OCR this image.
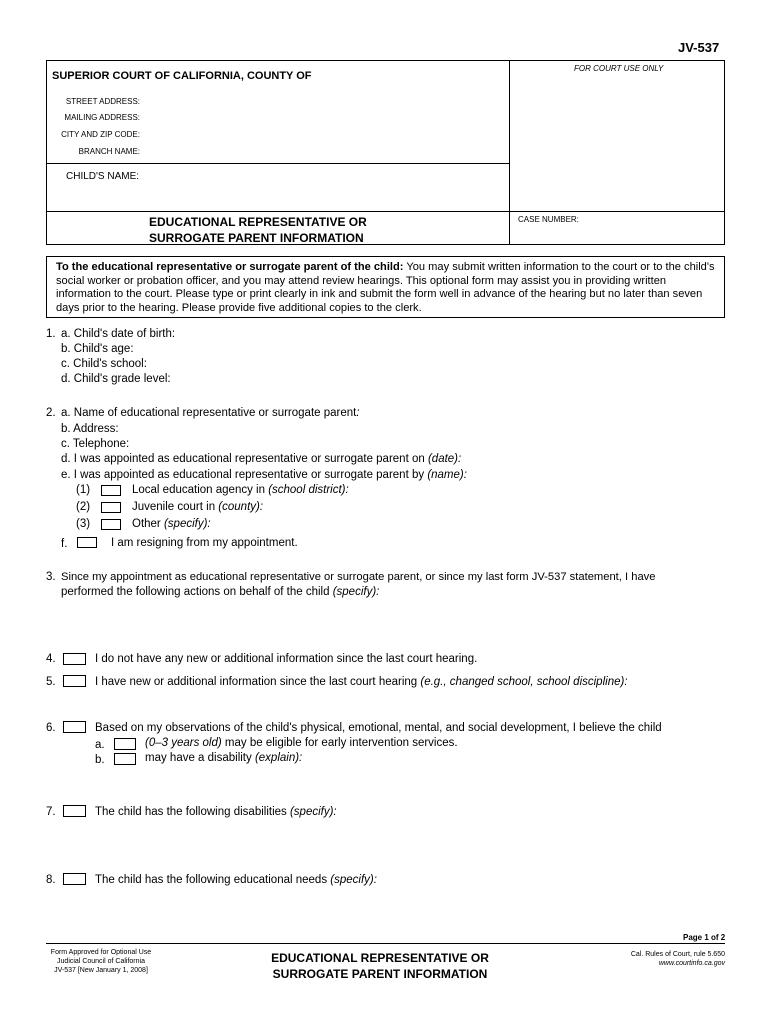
JV-537
SUPERIOR COURT OF CALIFORNIA, COUNTY OF
FOR COURT USE ONLY
STREET ADDRESS:
MAILING ADDRESS:
CITY AND ZIP CODE:
BRANCH NAME:
CHILD'S NAME:
EDUCATIONAL REPRESENTATIVE OR
SURROGATE PARENT INFORMATION
CASE NUMBER:
To the educational representative or surrogate parent of the child: You may submit written information to the court or to the child's social worker or probation officer, and you may attend review hearings. This optional form may assist you in providing written information to the court. Please type or print clearly in ink and submit the form well in advance of the hearing but no later than seven days prior to the hearing. Please provide five additional copies to the clerk.
1. a. Child's date of birth:
b. Child's age:
c. Child's school:
d. Child's grade level:
2. a. Name of educational representative or surrogate parent:
b. Address:
c. Telephone:
d. I was appointed as educational representative or surrogate parent on (date):
e. I was appointed as educational representative or surrogate parent by (name):
(1)	Local education agency in (school district):
(2)	Juvenile court in (county):
(3)	Other (specify):
f.	I am resigning from my appointment.
3. Since my appointment as educational representative or surrogate parent, or since my last form JV-537 statement, I have
performed the following actions on behalf of the child (specify):
4.	I do not have any new or additional information since the last court hearing.
5.	I have new or additional information since the last court hearing (e.g., changed school, school discipline):
6.	Based on my observations of the child's physical, emotional, mental, and social development, I believe the child
a.	(0–3 years old) may be eligible for early intervention services.
b.	may have a disability (explain):
7.	The child has the following disabilities (specify):
8.	The child has the following educational needs (specify):
Page 1 of 2
Form Approved for Optional Use
Judicial Council of California
JV-537 [New January 1, 2008]
EDUCATIONAL REPRESENTATIVE OR
SURROGATE PARENT INFORMATION
Cal. Rules of Court, rule 5.650
www.courtinfo.ca.gov
